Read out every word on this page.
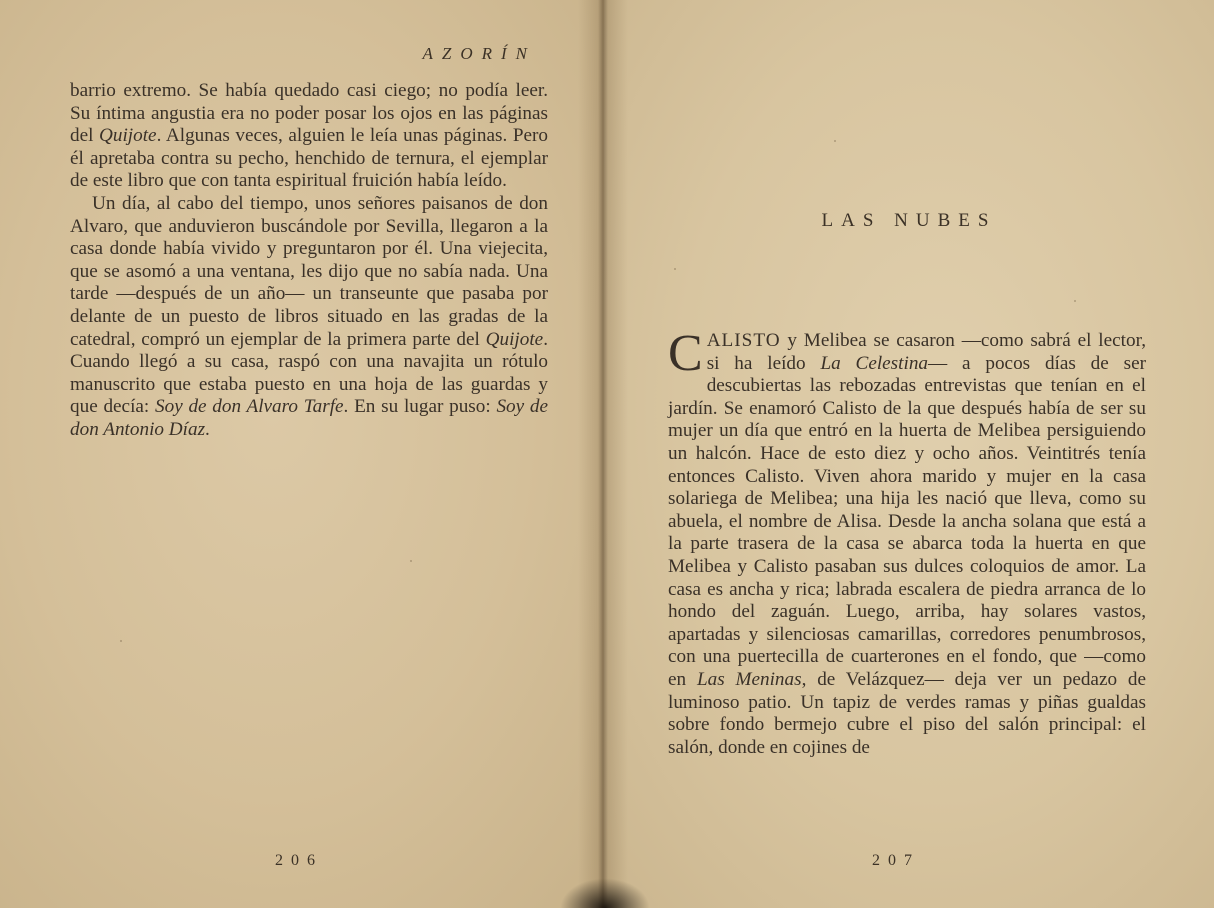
AZORÍN

barrio extremo. Se había quedado casi ciego; no podía leer. Su íntima angustia era no poder posar los ojos en las páginas del Quijote. Algunas veces, alguien le leía unas páginas. Pero él apretaba contra su pecho, henchido de ternura, el ejemplar de este libro que con tanta espiritual fruición había leído.

Un día, al cabo del tiempo, unos señores paisanos de don Alvaro, que anduvieron buscándole por Sevilla, llegaron a la casa donde había vivido y preguntaron por él. Una viejecita, que se asomó a una ventana, les dijo que no sabía nada. Una tarde —después de un año— un transeunte que pasaba por delante de un puesto de libros situado en las gradas de la catedral, compró un ejemplar de la primera parte del Quijote. Cuando llegó a su casa, raspó con una navajita un rótulo manuscrito que estaba puesto en una hoja de las guardas y que decía: Soy de don Alvaro Tarfe. En su lugar puso: Soy de don Antonio Díaz.

206
LAS NUBES

CALISTO y Melibea se casaron —como sabrá el lector, si ha leído La Celestina— a pocos días de ser descubiertas las rebozadas entrevistas que tenían en el jardín. Se enamoró Calisto de la que después había de ser su mujer un día que entró en la huerta de Melibea persiguiendo un halcón. Hace de esto diez y ocho años. Veintitrés tenía entonces Calisto. Viven ahora marido y mujer en la casa solariega de Melibea; una hija les nació que lleva, como su abuela, el nombre de Alisa. Desde la ancha solana que está a la parte trasera de la casa se abarca toda la huerta en que Melibea y Calisto pasaban sus dulces coloquios de amor. La casa es ancha y rica; labrada escalera de piedra arranca de lo hondo del zaguán. Luego, arriba, hay solares vastos, apartadas y silenciosas camarillas, corredores penumbrosos, con una puertecilla de cuarterones en el fondo, que —como en Las Meninas, de Velázquez— deja ver un pedazo de luminoso patio. Un tapiz de verdes ramas y piñas gualdas sobre fondo bermejo cubre el piso del salón principal: el salón, donde en cojines de

207
